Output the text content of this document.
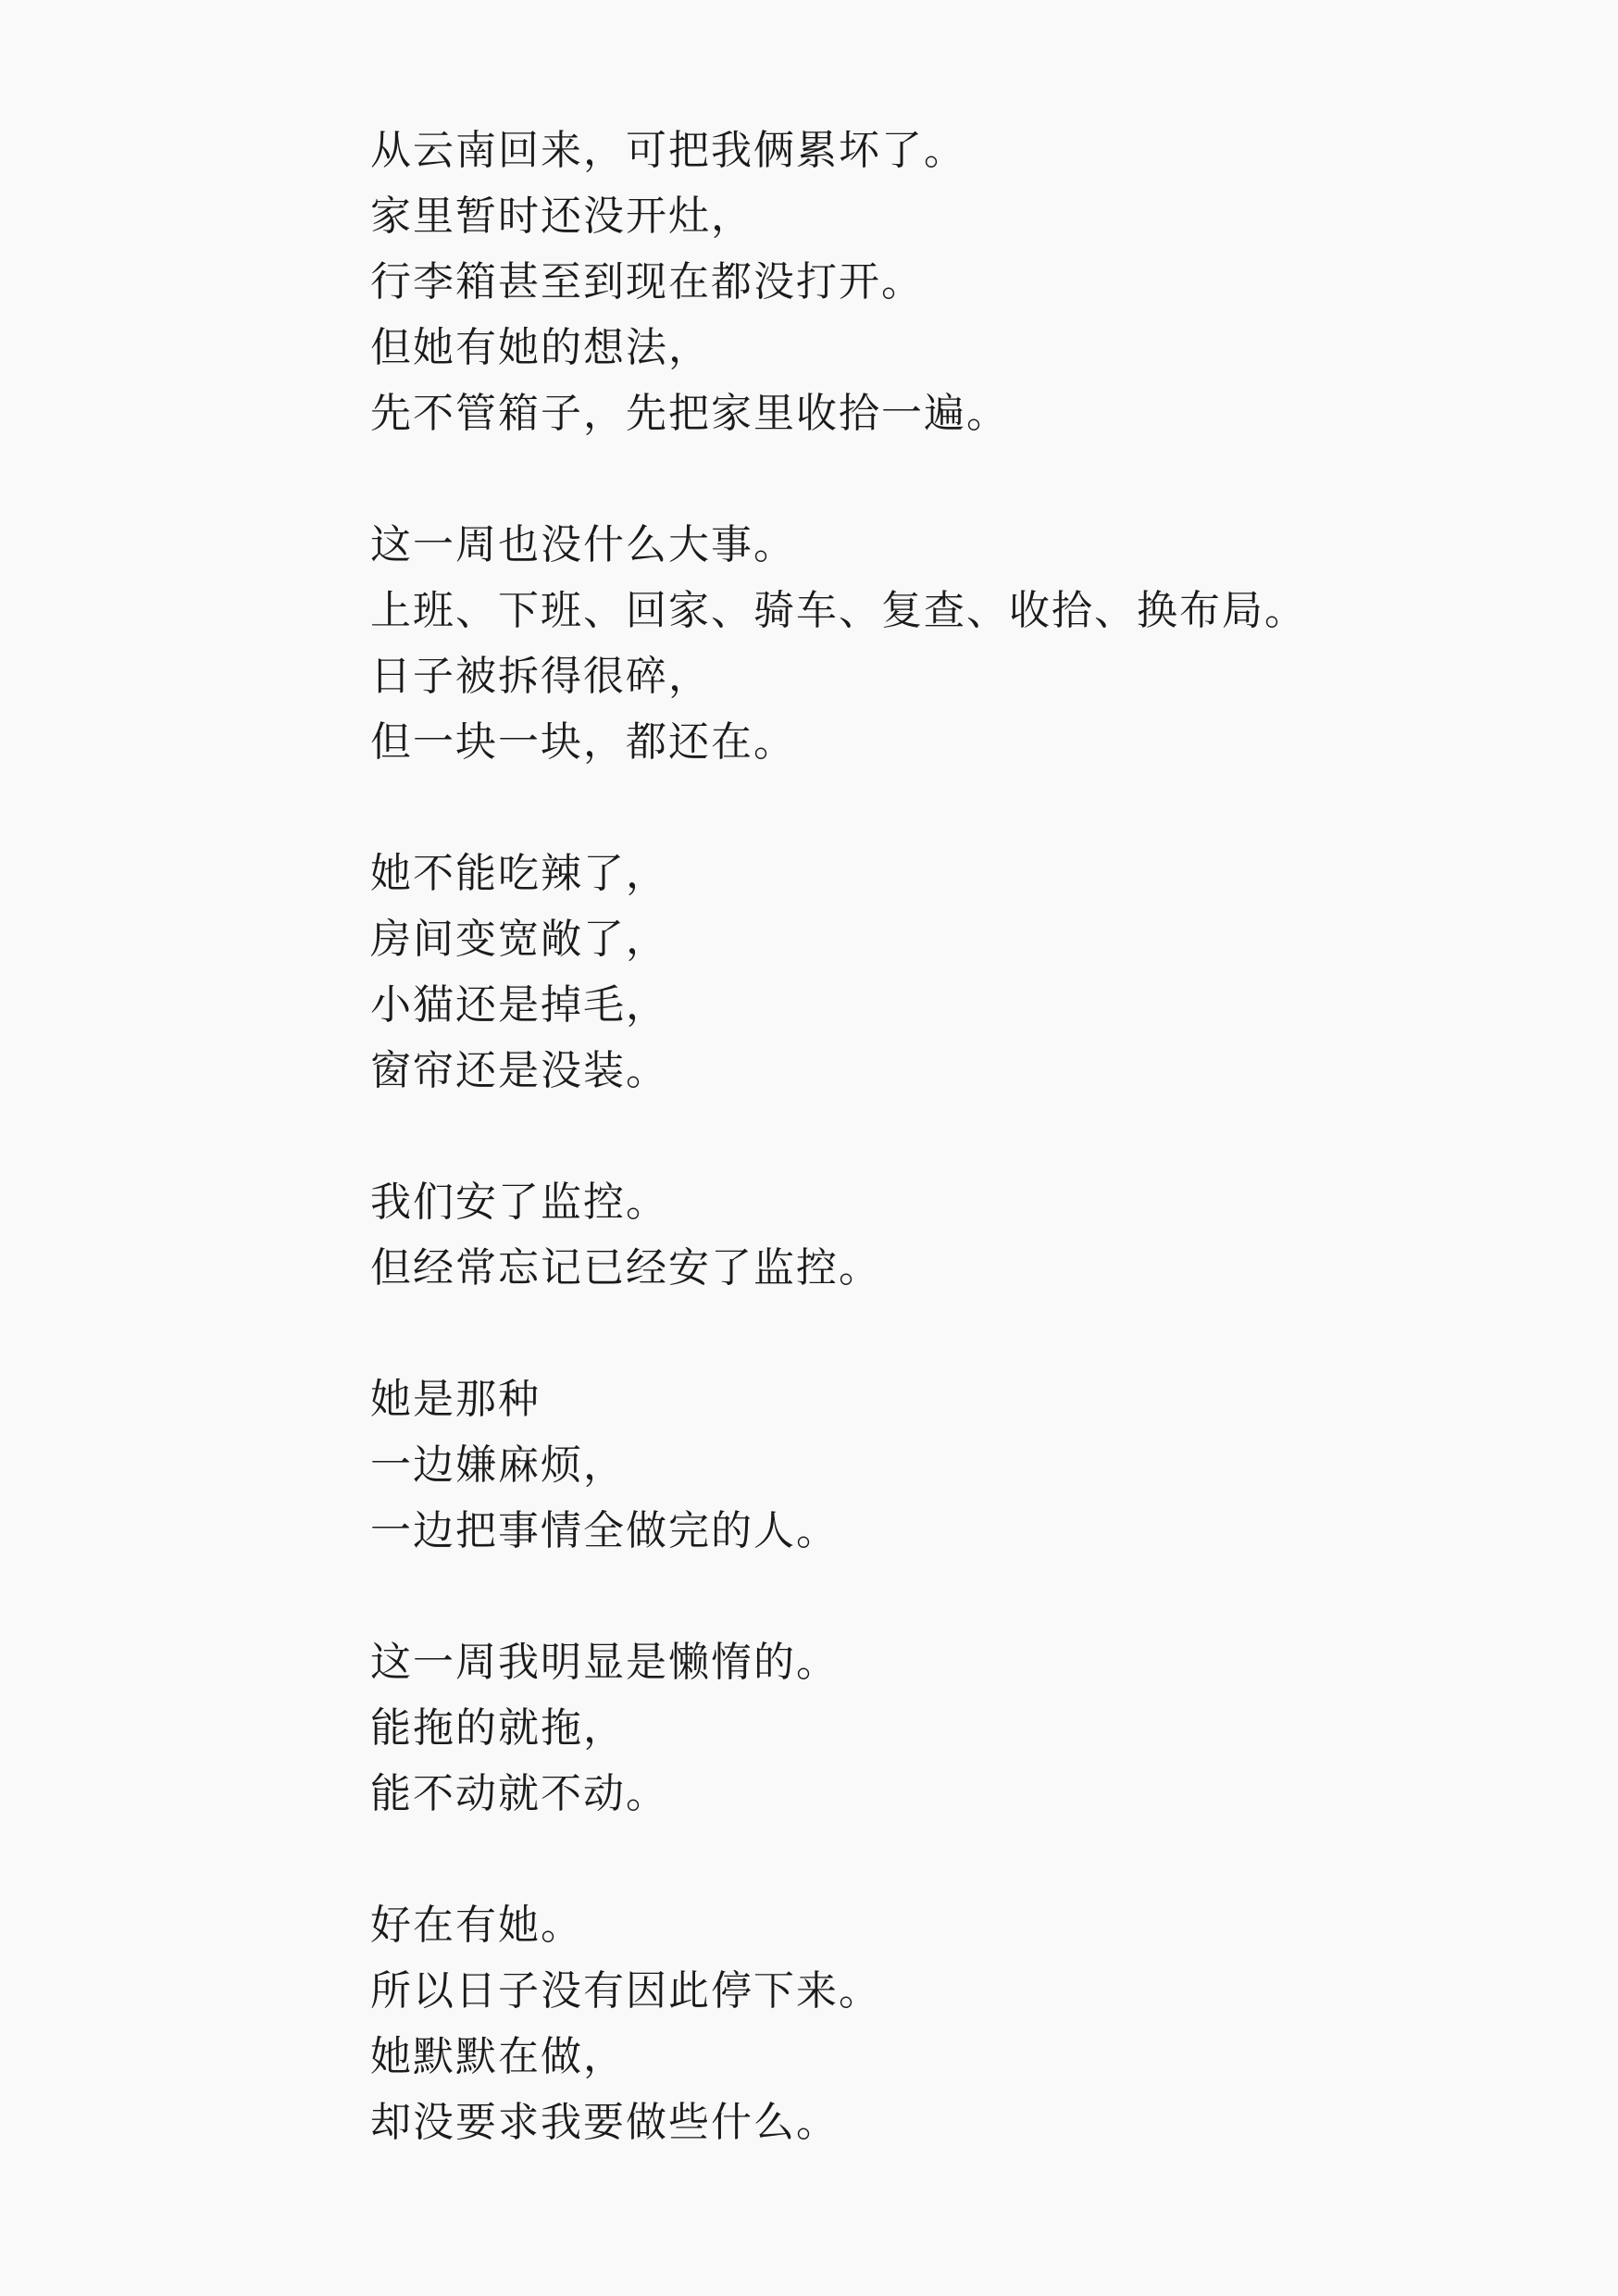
从云南回来，可把我俩累坏了。
家里暂时还没开灶，
行李箱甚至到现在都没打开。
但她有她的想法，
先不管箱子，先把家里收拾一遍。
这一周也没什么大事。
上班、下班、回家、骑车、复查、收拾、换布局。
日子被拆得很碎，
但一块一块，都还在。
她不能吃辣了，
房间变宽敞了，
小猫还是掉毛，
窗帘还是没装。
我们安了监控。
但经常忘记已经安了监控。
她是那种
一边嫌麻烦，
一边把事情全做完的人。
这一周我明显是懒惰的。
能拖的就拖，
能不动就不动。
好在有她。
所以日子没有因此停下来。
她默默在做，
却没要求我要做些什么。
